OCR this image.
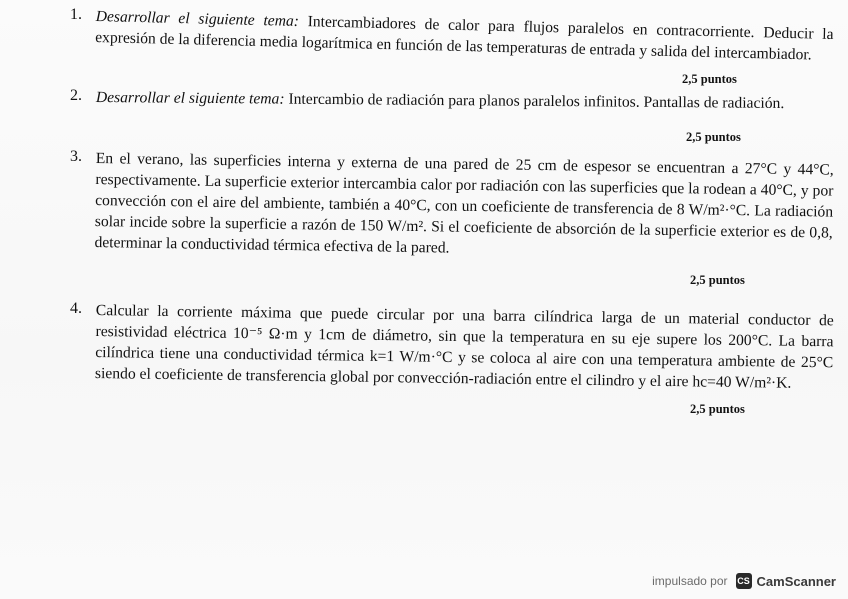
1. Desarrollar el siguiente tema: Intercambiadores de calor para flujos paralelos en contracorriente. Deducir la expresión de la diferencia media logarítmica en función de las temperaturas de entrada y salida del intercambiador.
2,5 puntos
2. Desarrollar el siguiente tema: Intercambio de radiación para planos paralelos infinitos. Pantallas de radiación.
2,5 puntos
3. En el verano, las superficies interna y externa de una pared de 25 cm de espesor se encuentran a 27°C y 44°C, respectivamente. La superficie exterior intercambia calor por radiación con las superficies que la rodean a 40°C, y por convección con el aire del ambiente, también a 40°C, con un coeficiente de transferencia de 8 W/m²·°C. La radiación solar incide sobre la superficie a razón de 150 W/m². Si el coeficiente de absorción de la superficie exterior es de 0,8, determinar la conductividad térmica efectiva de la pared.
2,5 puntos
4. Calcular la corriente máxima que puede circular por una barra cilíndrica larga de un material conductor de resistividad eléctrica 10⁻⁵ Ω·m y 1cm de diámetro, sin que la temperatura en su eje supere los 200°C. La barra cilíndrica tiene una conductividad térmica k=1 W/m·°C y se coloca al aire con una temperatura ambiente de 25°C siendo el coeficiente de transferencia global por convección-radiación entre el cilindro y el aire hc=40 W/m²·K.
2,5 puntos
impulsado por CS CamScanner
